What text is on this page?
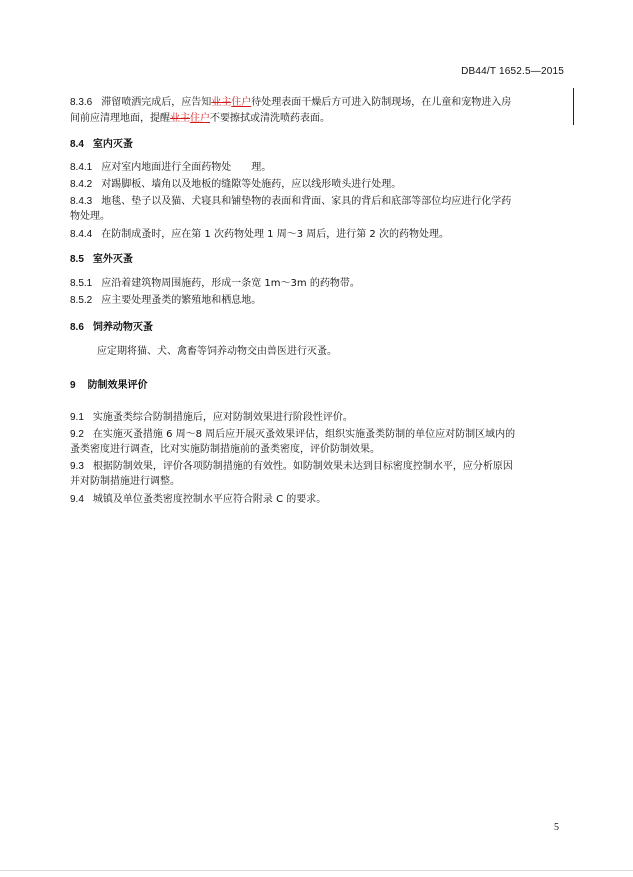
DB44/T 1652.5—2015
8.3.6 滞留喷洒完成后，应告知业主住户待处理表面干燥后方可进入防制现场，在儿童和宠物进入房
间前应清理地面，提醒业主住户不要擦拭或清洗喷药表面。
8.4 室内灭蚤
8.4.1 应对室内地面进行全面药物处　　理。
8.4.2 对踢脚板、墙角以及地板的缝隙等处施药，应以线形喷头进行处理。
8.4.3 地毯、垫子以及猫、犬寝具和铺垫物的表面和背面、家具的背后和底部等部位均应进行化学药
物处理。
8.4.4 在防制成蚤时，应在第 1 次药物处理 1 周～3 周后，进行第 2 次的药物处理。
8.5 室外灭蚤
8.5.1 应沿着建筑物周围施药，形成一条宽 1m～3m 的药物带。
8.5.2 应主要处理蚤类的繁殖地和栖息地。
8.6 饲养动物灭蚤
应定期将猫、犬、禽畜等饲养动物交由兽医进行灭蚤。
9 防制效果评价
9.1 实施蚤类综合防制措施后，应对防制效果进行阶段性评价。
9.2 在实施灭蚤措施 6 周～8 周后应开展灭蚤效果评估，组织实施蚤类防制的单位应对防制区域内的
蚤类密度进行调查，比对实施防制措施前的蚤类密度，评价防制效果。
9.3 根据防制效果，评价各项防制措施的有效性。如防制效果未达到目标密度控制水平，应分析原因
并对防制措施进行调整。
9.4 城镇及单位蚤类密度控制水平应符合附录 C 的要求。
5
